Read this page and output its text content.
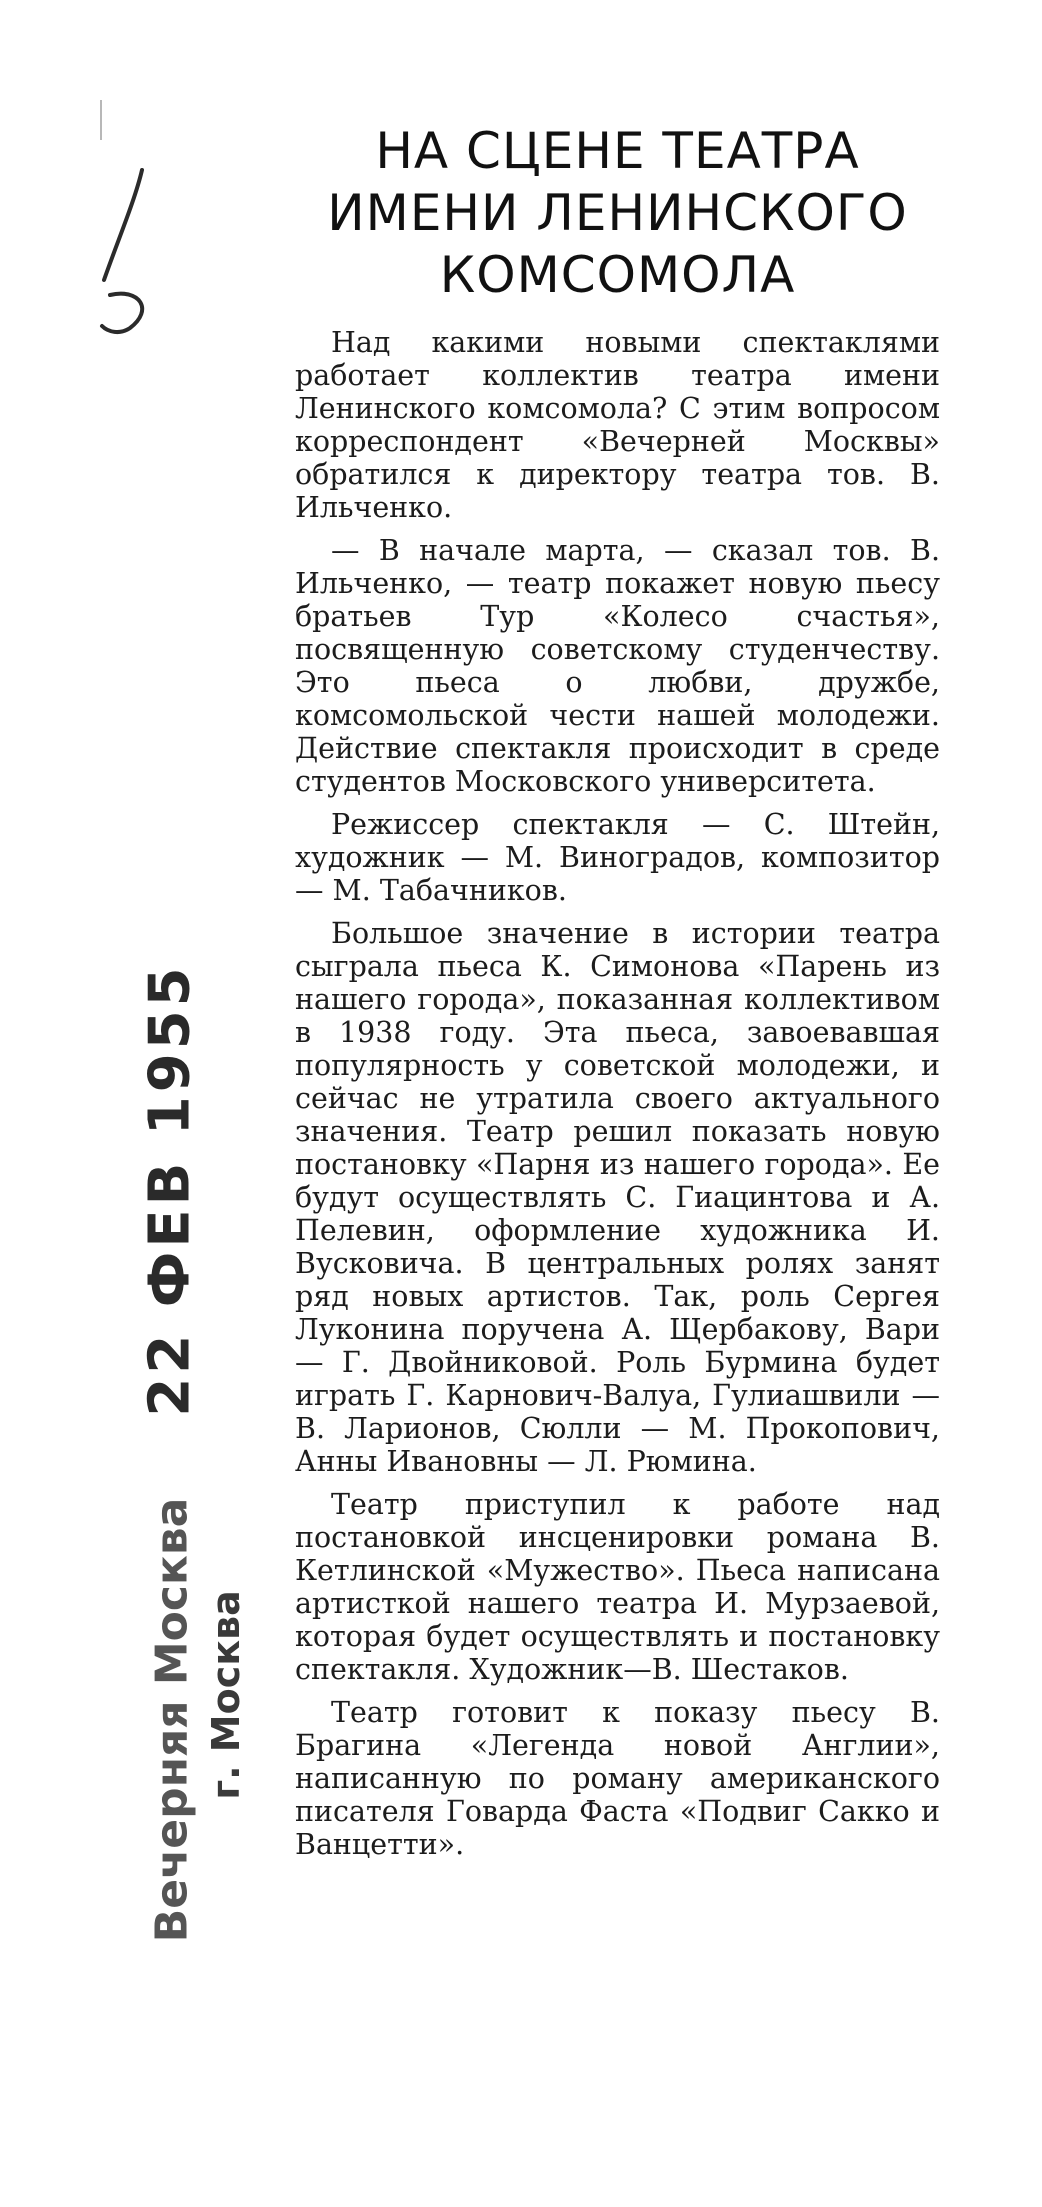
22 ФЕВ 1955
Вечерняя Москва г. Москва
НА СЦЕНЕ ТЕАТРА
ИМЕНИ ЛЕНИНСКОГО
КОМСОМОЛА

Над какими новыми спектаклями работает коллектив театра имени Ленинского комсомола? С этим вопросом корреспондент «Вечерней Москвы» обратился к директору театра тов. В. Ильченко.

— В начале марта, — сказал тов. В. Ильченко, — театр покажет новую пьесу братьев Тур «Колесо счастья», посвященную советскому студенчеству. Это пьеса о любви, дружбе, комсомольской чести нашей молодежи. Действие спектакля происходит в среде студентов Московского университета.

Режиссер спектакля — С. Штейн, художник — М. Виноградов, композитор — М. Табачников.

Большое значение в истории театра сыграла пьеса К. Симонова «Парень из нашего города», показанная коллективом в 1938 году. Эта пьеса, завоевавшая популярность у советской молодежи, и сейчас не утратила своего актуального значения. Театр решил показать новую постановку «Парня из нашего города». Ее будут осуществлять С. Гиацинтова и А. Пелевин, оформление художника И. Вусковича. В центральных ролях занят ряд новых артистов. Так, роль Сергея Луконина поручена А. Щербакову, Вари — Г. Двойниковой. Роль Бурмина будет играть Г. Карнович-Валуа, Гулиашвили — В. Ларионов, Сюлли — М. Прокопович, Анны Ивановны — Л. Рюмина.

Театр приступил к работе над постановкой инсценировки романа В. Кетлинской «Мужество». Пьеса написана артисткой нашего театра И. Мурзаевой, которая будет осуществлять и постановку спектакля. Художник—В. Шестаков.

Театр готовит к показу пьесу В. Брагина «Легенда новой Англии», написанную по роману американского писателя Говарда Фаста «Подвиг Сакко и Ванцетти».
